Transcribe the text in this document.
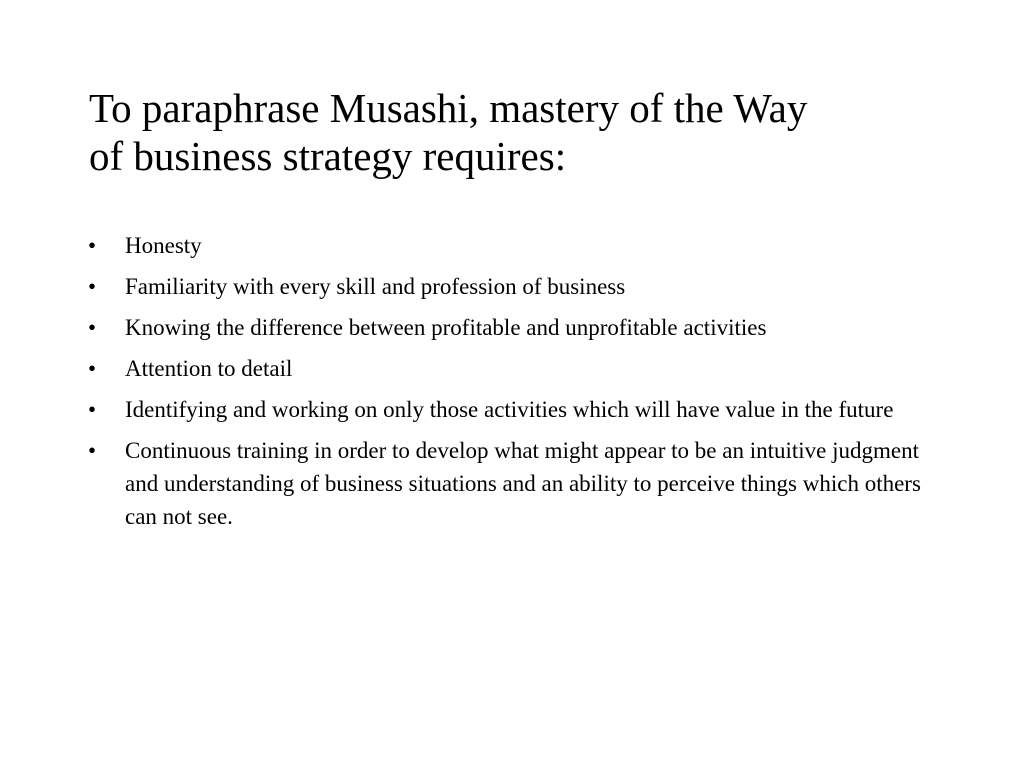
To paraphrase Musashi, mastery of the Way
of business strategy requires:
•	Honesty
•	Familiarity with every skill and profession of business
•	Knowing the difference between profitable and unprofitable activities
•	Attention to detail
•	Identifying and working on only those activities which will have value in the future
•	Continuous training in order to develop what might appear to be an intuitive judgment and understanding of business situations and an ability to perceive things which others can not see.
